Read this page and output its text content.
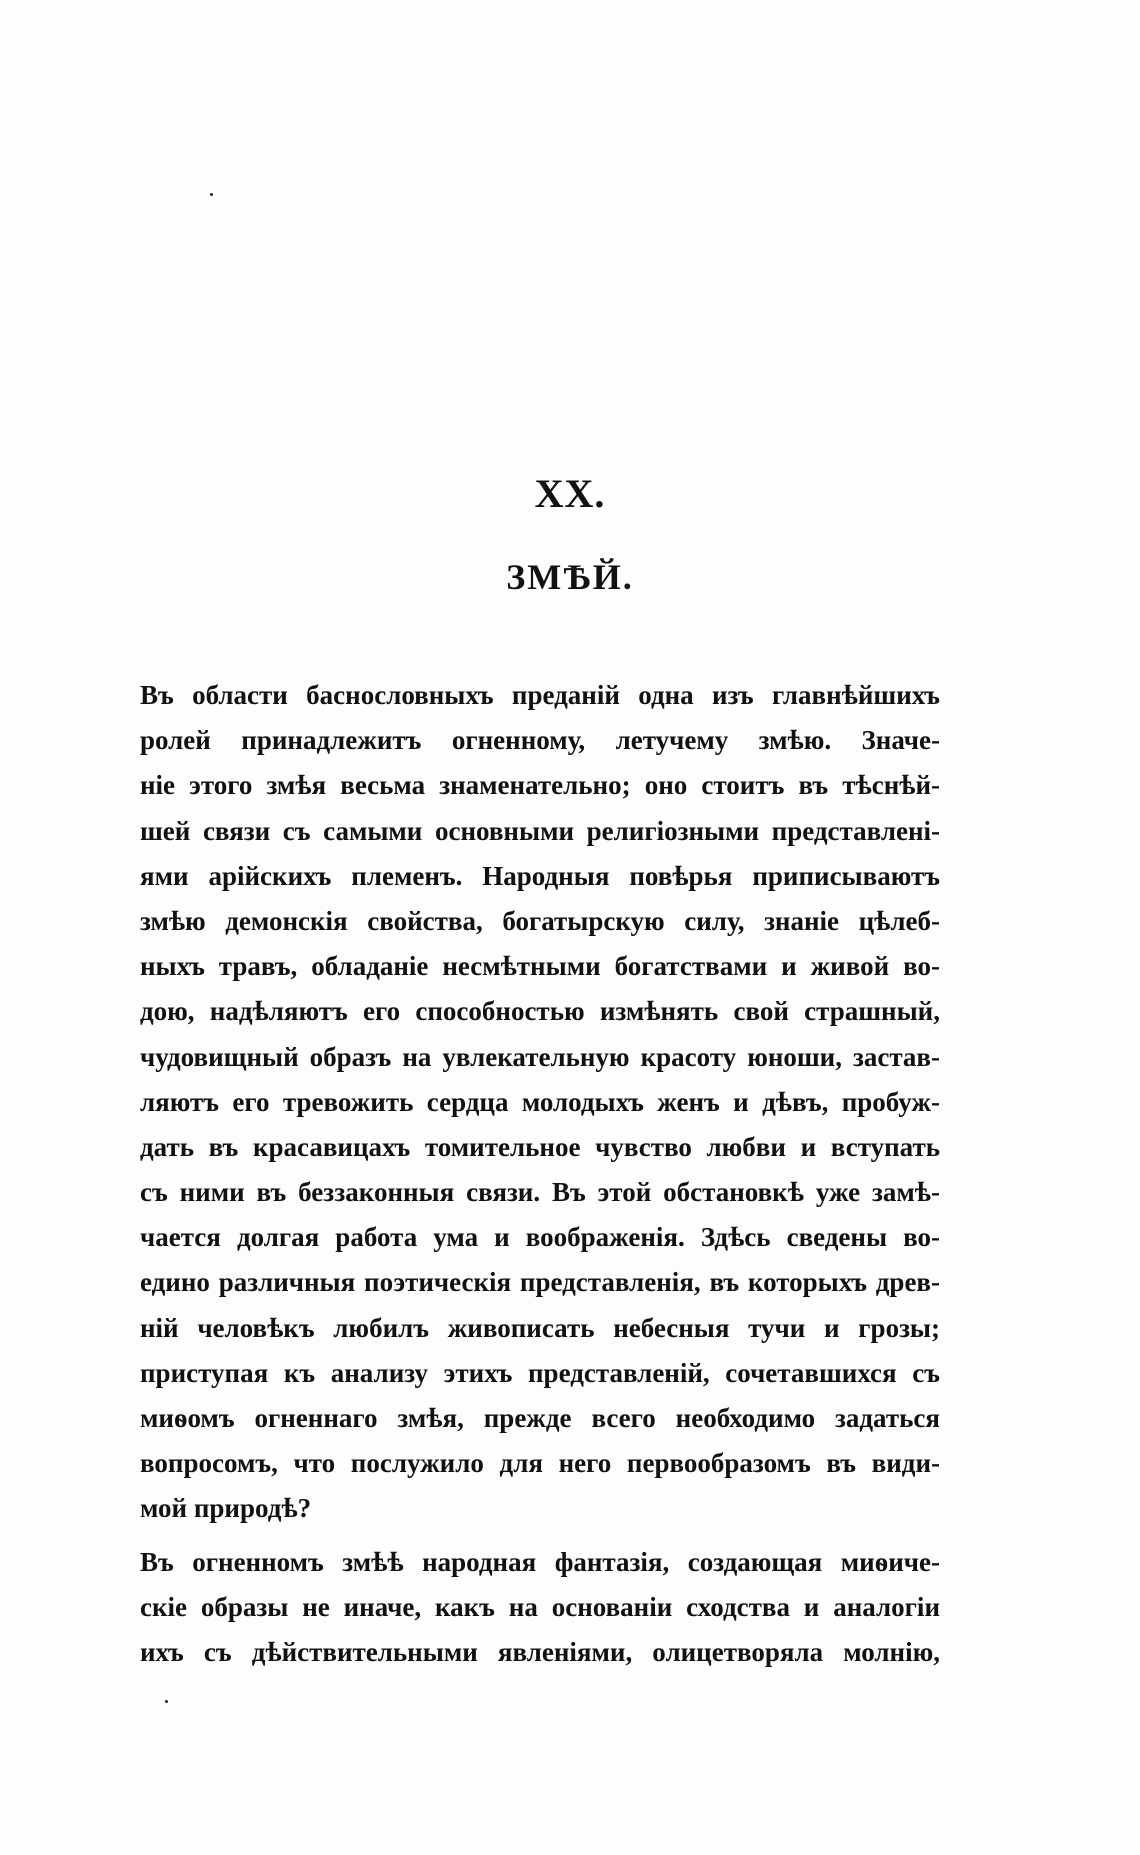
XX.
ЗМѢЙ.
Въ области баснословныхъ преданій одна изъ главнѣйшихъ
ролей принадлежитъ огненному, летучему змѣю. Значе-
ніе этого змѣя весьма знаменательно; оно стоитъ въ тѣснѣй-
шей связи съ самыми основными религіозными представлені-
ями арійскихъ племенъ. Народныя повѣрья приписываютъ
змѣю демонскія свойства, богатырскую силу, знаніе цѣлеб-
ныхъ травъ, обладаніе несмѣтными богатствами и живой во-
дою, надѣляютъ его способностью измѣнять свой страшный,
чудовищный образъ на увлекательную красоту юноши, застав-
ляютъ его тревожить сердца молодыхъ женъ и дѣвъ, пробуж-
дать въ красавицахъ томительное чувство любви и вступать
съ ними въ беззаконныя связи. Въ этой обстановкѣ уже замѣ-
чается долгая работа ума и воображенія. Здѣсь сведены во-
едино различныя поэтическія представленія, въ которыхъ древ-
ній человѣкъ любилъ живописать небесныя тучи и грозы;
приступая къ анализу этихъ представленій, сочетавшихся съ
миѳомъ огненнаго змѣя, прежде всего необходимо задаться
вопросомъ, что послужило для него первообразомъ въ види-
мой природѣ?
Въ огненномъ змѣѣ народная фантазія, создающая миѳиче-
скіе образы не иначе, какъ на основаніи сходства и аналогіи
ихъ съ дѣйствительными явленіями, олицетворяла молнію,
